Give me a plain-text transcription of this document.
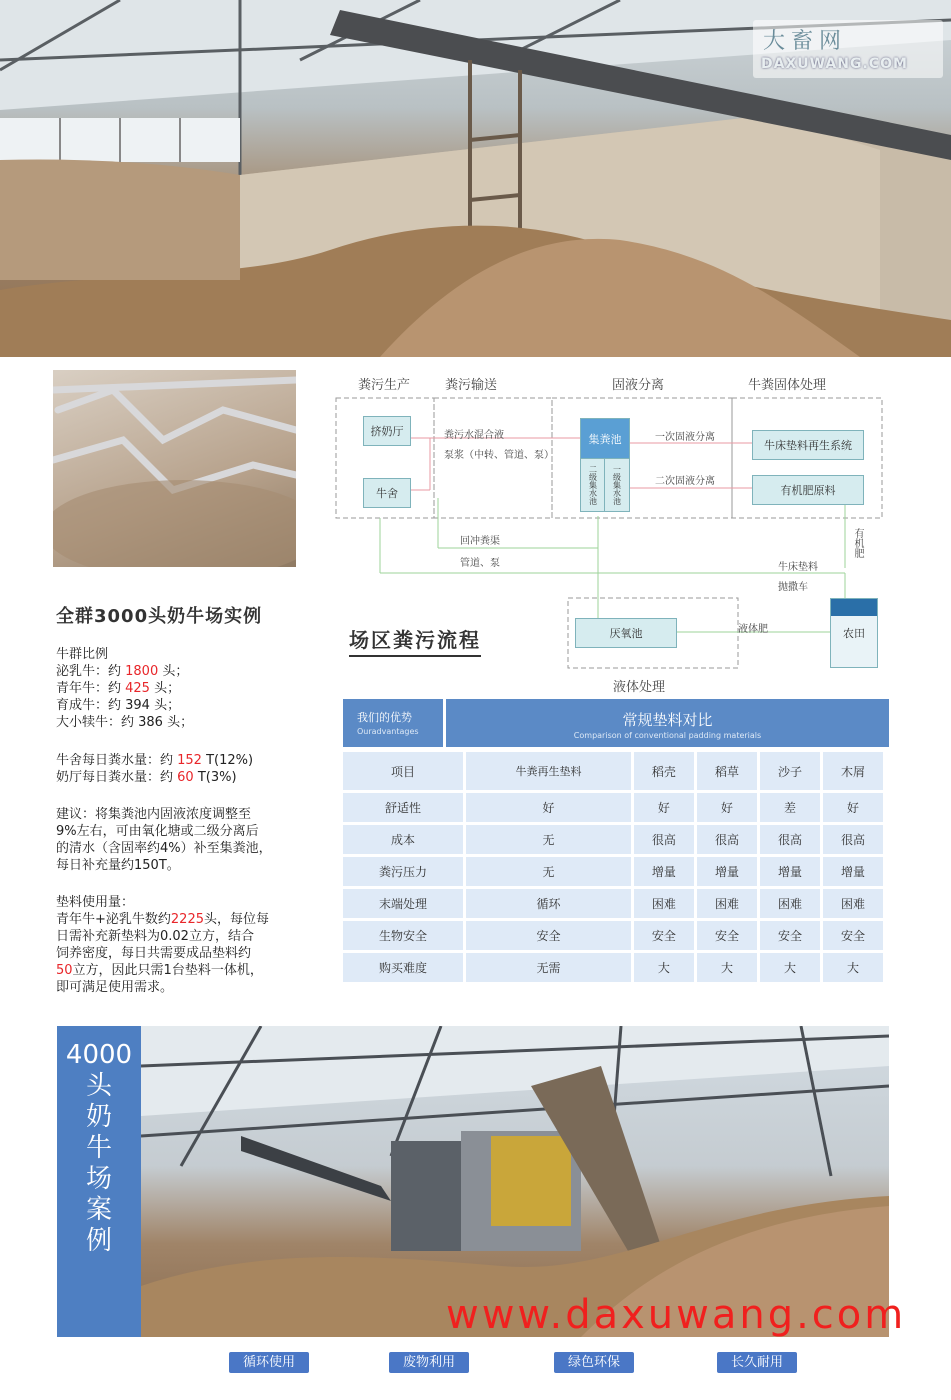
大畜网
DAXUWANG.COM
全群3000头奶牛场实例
牛群比例
泌乳牛：约 1800 头；
青年牛：约 425 头；
育成牛：约 394 头；
大小犊牛：约 386 头；
牛舍每日粪水量：约 152 T(12%)
奶厅每日粪水量：约 60 T(3%)
建议：将集粪池内固液浓度调整至
9%左右，可由氧化塘或二级分离后
的清水（含固率约4%）补至集粪池，
每日补充量约150T。
垫料使用量：
青年牛+泌乳牛数约2225头，每位每
日需补充新垫料为0.02立方，结合
饲养密度，每日共需要成品垫料约
50立方，因此只需1台垫料一体机，
即可满足使用需求。
粪污生产	粪污输送	固液分离	牛粪固体处理
液体处理
挤奶厅
牛舍
集粪池
二级集水池	一级集水池
牛床垫料再生系统
有机肥原料
厌氧池	农田
粪污水混合液
泵浆（中转、管道、泵）
一次固液分离
二次固液分离
回冲粪渠
管道、泵	牛床垫料
抛撒车
有机肥
液体肥
场区粪污流程
我们的优势
Ouradvantages
常规垫料对比
Comparison of conventional padding materials
项目	牛粪再生垫料	稻壳	稻草	沙子	木屑
舒适性	好	好	好	差	好
成本	无	很高	很高	很高	很高
粪污压力	无	增量	增量	增量	增量
末端处理	循环	困难	困难	困难	困难
生物安全	安全	安全	安全	安全	安全
购买难度	无需	大	大	大	大
4000
头
奶
牛
场
案
例
www.daxuwang.com
循环使用	废物利用	绿色环保	长久耐用
